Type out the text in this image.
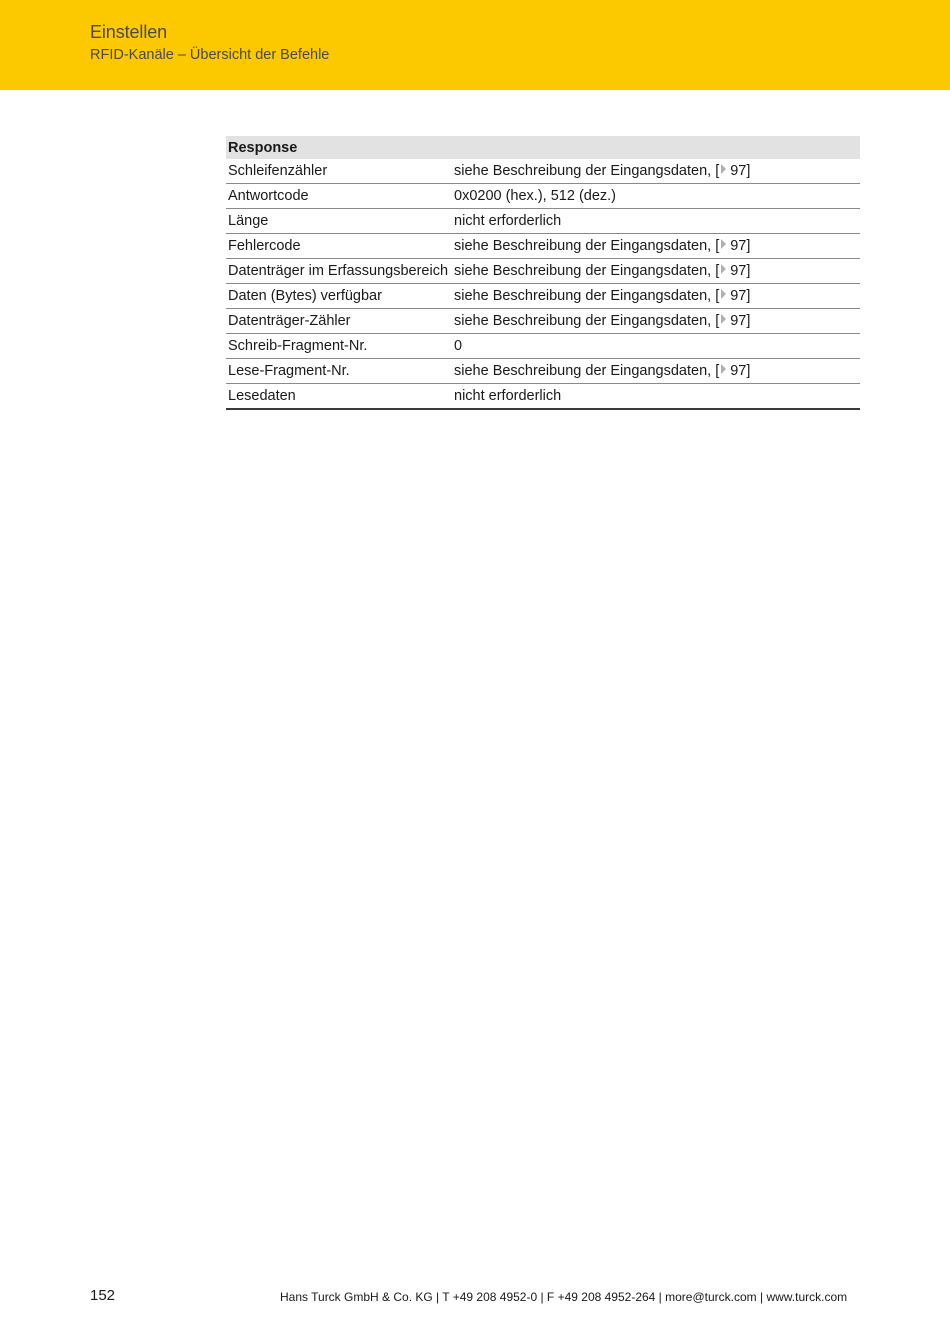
Einstellen
RFID-Kanäle – Übersicht der Befehle
Response	
Schleifenzähler	siehe Beschreibung der Eingangsdaten, [ 97]
Antwortcode	0x0200 (hex.), 512 (dez.)
Länge	nicht erforderlich
Fehlercode	siehe Beschreibung der Eingangsdaten, [ 97]
Datenträger im Erfassungsbereich	siehe Beschreibung der Eingangsdaten, [ 97]
Daten (Bytes) verfügbar	siehe Beschreibung der Eingangsdaten, [ 97]
Datenträger-Zähler	siehe Beschreibung der Eingangsdaten, [ 97]
Schreib-Fragment-Nr.	0
Lese-Fragment-Nr.	siehe Beschreibung der Eingangsdaten, [ 97]
Lesedaten	nicht erforderlich
152	Hans Turck GmbH & Co. KG | T +49 208 4952-0 | F +49 208 4952-264 | more@turck.com | www.turck.com
